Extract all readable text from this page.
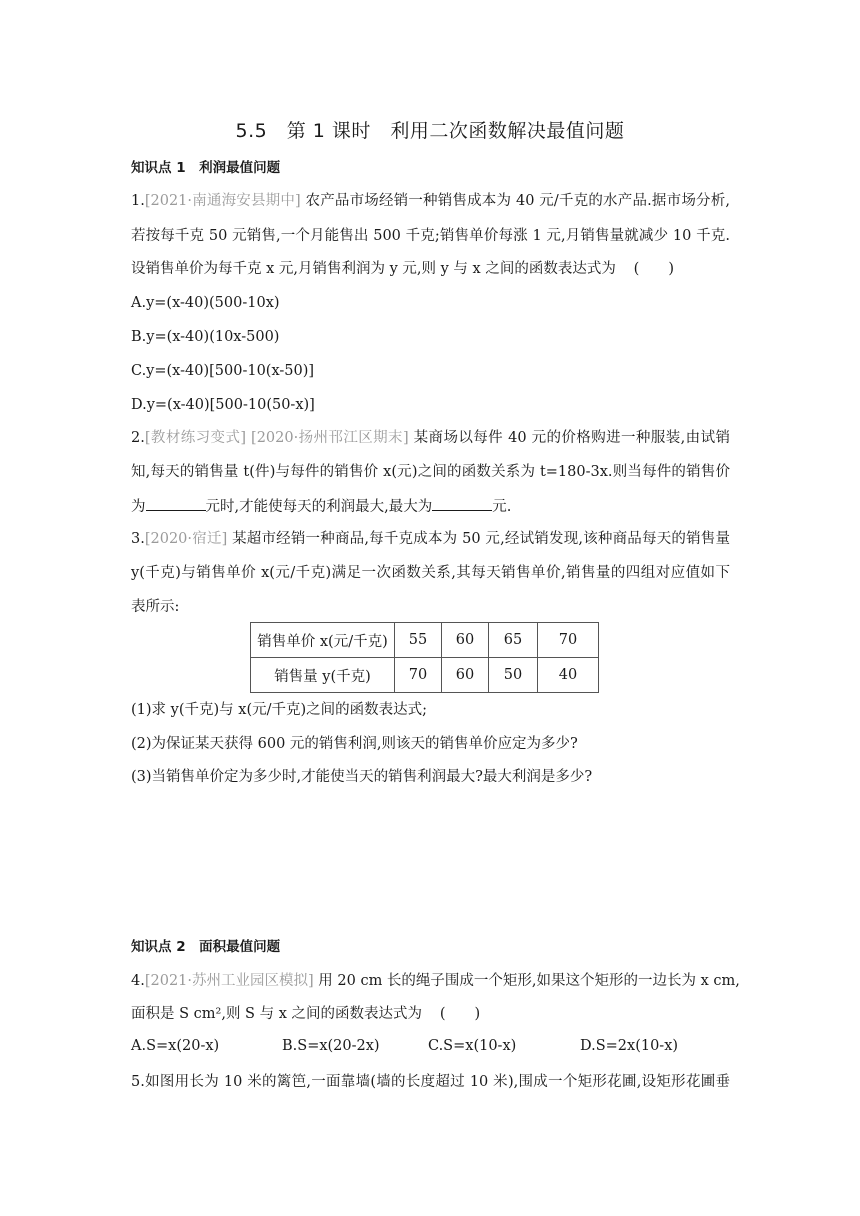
5.5　第 1 课时　利用二次函数解决最值问题
知识点 1　利润最值问题
1.[2021·南通海安县期中] 农产品市场经销一种销售成本为 40 元/千克的水产品.据市场分析,
若按每千克 50 元销售,一个月能售出 500 千克;销售单价每涨 1 元,月销售量就减少 10 千克.
设销售单价为每千克 x 元,月销售利润为 y 元,则 y 与 x 之间的函数表达式为 (　　)
A.y=(x-40)(500-10x)
B.y=(x-40)(10x-500)
C.y=(x-40)[500-10(x-50)]
D.y=(x-40)[500-10(50-x)]
2.[教材练习变式] [2020·扬州邗江区期末] 某商场以每件 40 元的价格购进一种服装,由试销
知,每天的销售量 t(件)与每件的销售价 x(元)之间的函数关系为 t=180-3x.则当每件的销售价
为	元时,才能使每天的利润最大,最大为	元.
3.[2020·宿迁] 某超市经销一种商品,每千克成本为 50 元,经试销发现,该种商品每天的销售量
y(千克)与销售单价 x(元/千克)满足一次函数关系,其每天销售单价,销售量的四组对应值如下
表所示:
销售单价 x(元/千克)	55	60	65	70
销售量 y(千克)	70	60	50	40
(1)求 y(千克)与 x(元/千克)之间的函数表达式;
(2)为保证某天获得 600 元的销售利润,则该天的销售单价应定为多少?
(3)当销售单价定为多少时,才能使当天的销售利润最大?最大利润是多少?
知识点 2　面积最值问题
4.[2021·苏州工业园区模拟] 用 20 cm 长的绳子围成一个矩形,如果这个矩形的一边长为 x cm,
面积是 S cm²,则 S 与 x 之间的函数表达式为 (　　)
A.S=x(20-x)	B.S=x(20-2x)	C.S=x(10-x)	D.S=2x(10-x)
5.如图用长为 10 米的篱笆,一面靠墙(墙的长度超过 10 米),围成一个矩形花圃,设矩形花圃垂
